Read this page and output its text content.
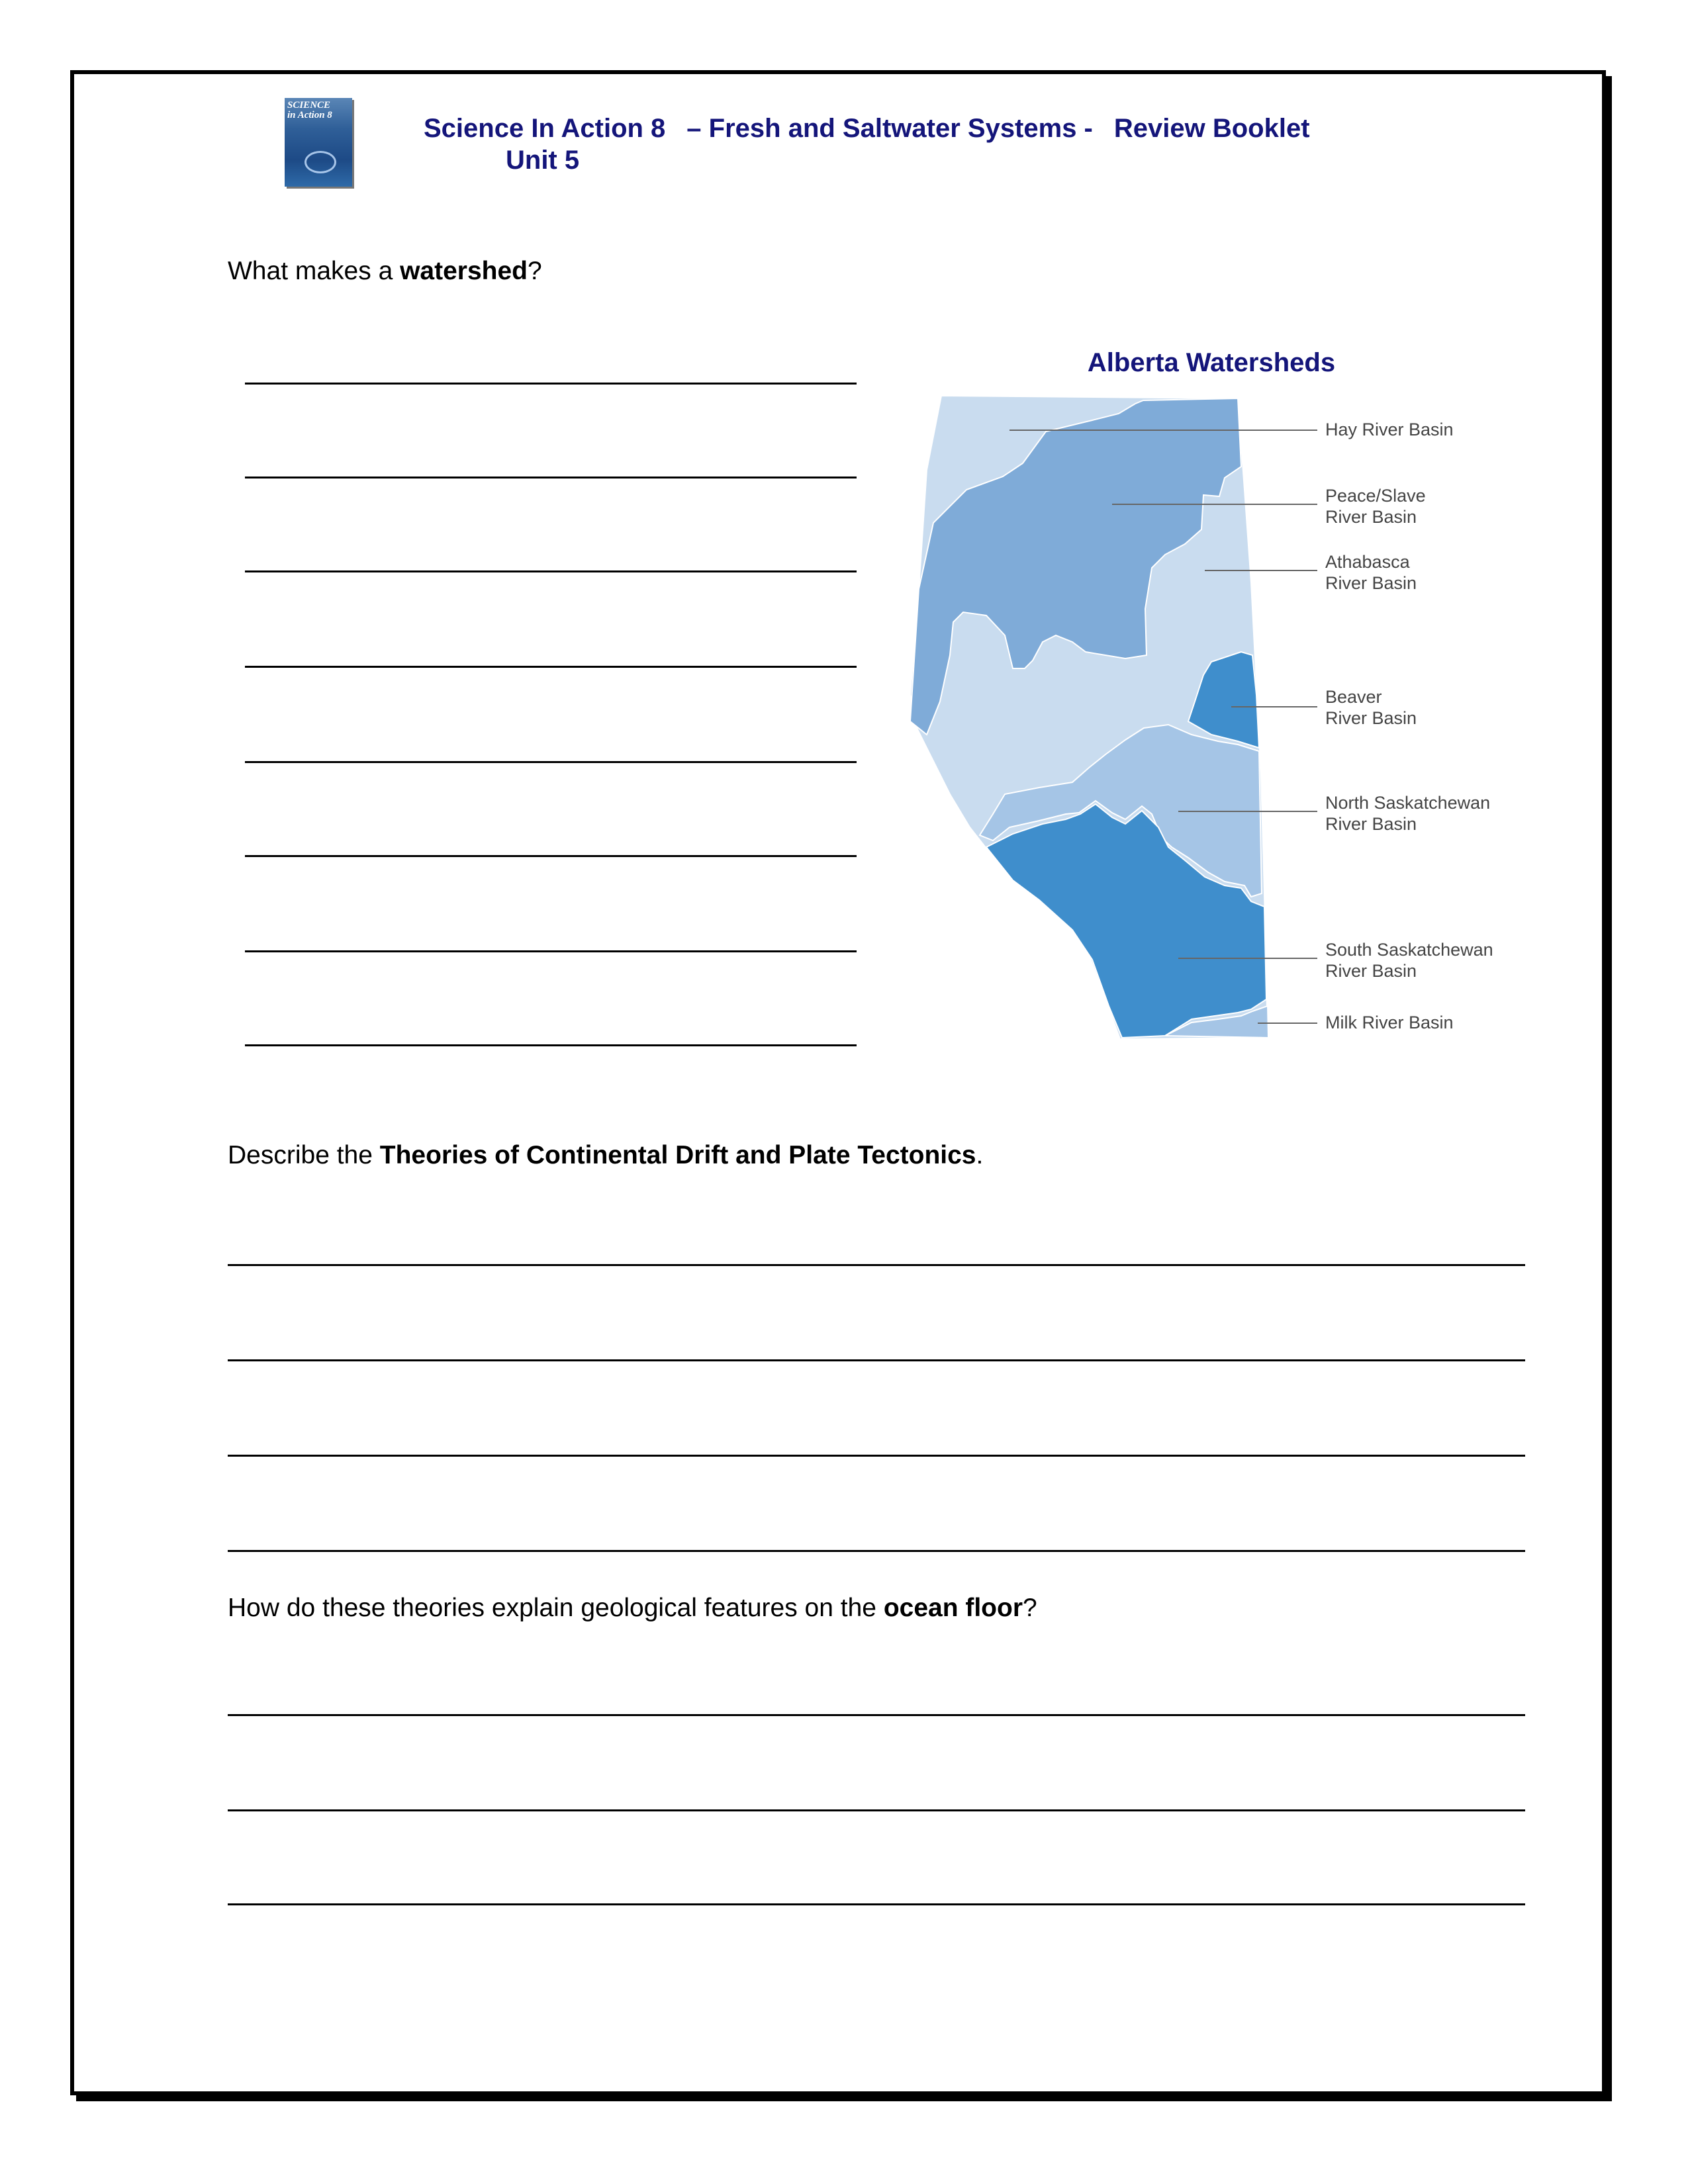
SCIENCE
in Action 8	Science In Action 8 – Fresh and Saltwater Systems - Review Booklet
Unit 5
What makes a watershed?
Alberta Watersheds
Hay River Basin
Peace/Slave
River Basin
Athabasca
River Basin
Beaver
River Basin
North Saskatchewan
River Basin
South Saskatchewan
River Basin
Milk River Basin
Describe the Theories of Continental Drift and Plate Tectonics.
How do these theories explain geological features on the ocean floor?
